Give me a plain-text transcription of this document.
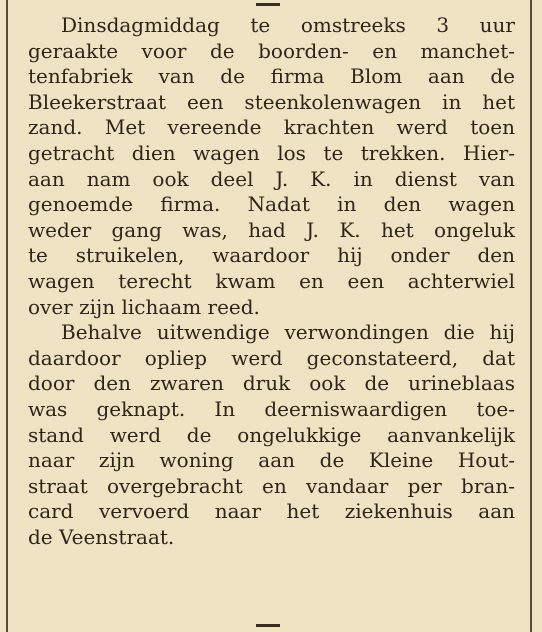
Dinsdagmiddag te omstreeks 3 uur
geraakte voor de boorden- en manchet-
tenfabriek van de firma Blom aan de
Bleekerstraat een steenkolenwagen in het
zand. Met vereende krachten werd toen
getracht dien wagen los te trekken. Hier-
aan nam ook deel J. K. in dienst van
genoemde firma. Nadat in den wagen
weder gang was, had J. K. het ongeluk
te struikelen, waardoor hij onder den
wagen terecht kwam en een achterwiel
over zijn lichaam reed.
Behalve uitwendige verwondingen die hij
daardoor opliep werd geconstateerd, dat
door den zwaren druk ook de urineblaas
was geknapt. In deerniswaardigen toe-
stand werd de ongelukkige aanvankelijk
naar zijn woning aan de Kleine Hout-
straat overgebracht en vandaar per bran-
card vervoerd naar het ziekenhuis aan
de Veenstraat.
